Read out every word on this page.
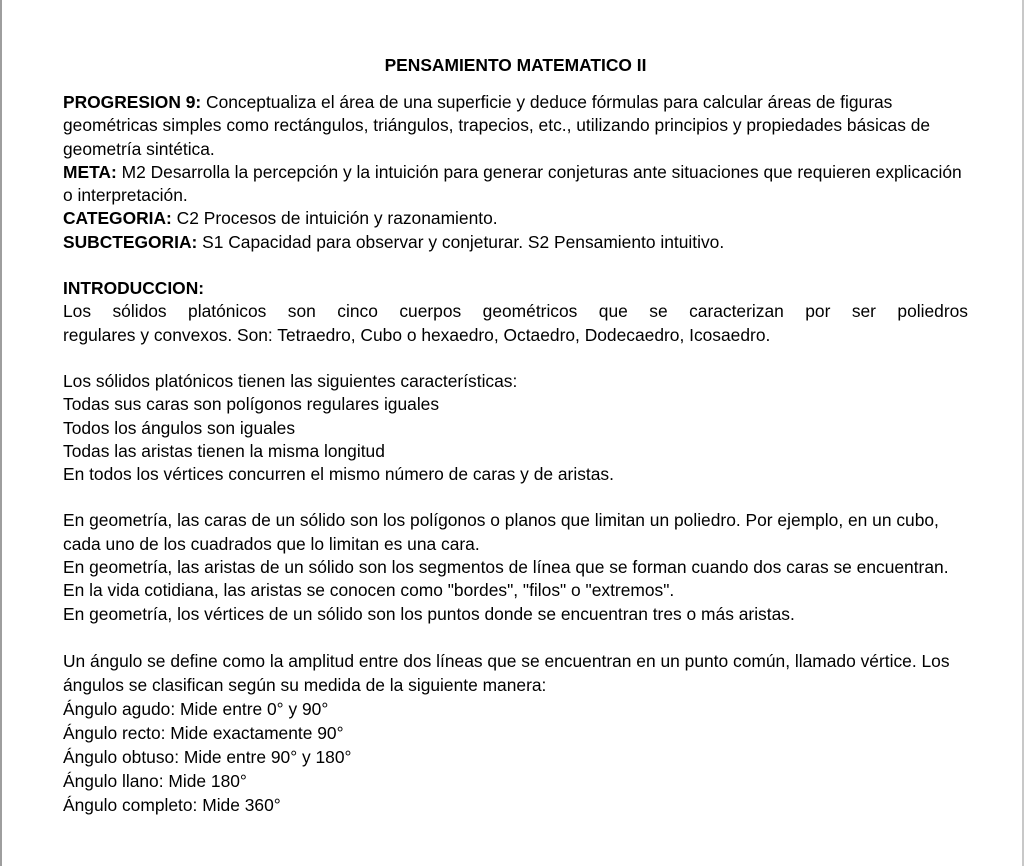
PENSAMIENTO MATEMATICO II

PROGRESION 9: Conceptualiza el área de una superficie y deduce fórmulas para calcular áreas de figuras geométricas simples como rectángulos, triángulos, trapecios, etc., utilizando principios y propiedades básicas de geometría sintética.

META: M2 Desarrolla la percepción y la intuición para generar conjeturas ante situaciones que requieren explicación o interpretación.

CATEGORIA: C2 Procesos de intuición y razonamiento.

SUBCTEGORIA: S1 Capacidad para observar y conjeturar. S2 Pensamiento intuitivo.

INTRODUCCION:

Los sólidos platónicos son cinco cuerpos geométricos que se caracterizan por ser poliedros

regulares y convexos. Son: Tetraedro, Cubo o hexaedro, Octaedro, Dodecaedro, Icosaedro.

Los sólidos platónicos tienen las siguientes características:

Todas sus caras son polígonos regulares iguales

Todos los ángulos son iguales

Todas las aristas tienen la misma longitud

En todos los vértices concurren el mismo número de caras y de aristas.

En geometría, las caras de un sólido son los polígonos o planos que limitan un poliedro. Por ejemplo, en un cubo, cada uno de los cuadrados que lo limitan es una cara.

En geometría, las aristas de un sólido son los segmentos de línea que se forman cuando dos caras se encuentran. En la vida cotidiana, las aristas se conocen como "bordes", "filos" o "extremos".

En geometría, los vértices de un sólido son los puntos donde se encuentran tres o más aristas.

Un ángulo se define como la amplitud entre dos líneas que se encuentran en un punto común, llamado vértice. Los ángulos se clasifican según su medida de la siguiente manera:

Ángulo agudo: Mide entre 0° y 90°

Ángulo recto: Mide exactamente 90°

Ángulo obtuso: Mide entre 90° y 180°

Ángulo llano: Mide 180°

Ángulo completo: Mide 360°
